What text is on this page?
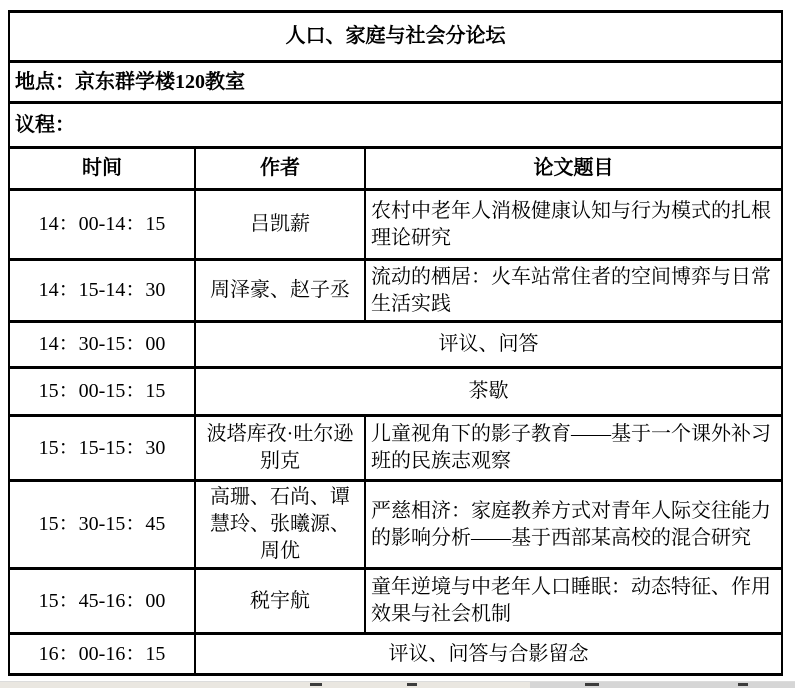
人口、家庭与社会分论坛		
地点：京东群学楼120教室		
议程：		
时间	作者	论文题目
14：00-14：15	吕凯薪	农村中老年人消极健康认知与行为模式的扎根理论研究
14：15-14：30	周泽豪、赵子丞	流动的栖居：火车站常住者的空间博弈与日常生活实践
14：30-15：00	评议、问答	
15：00-15：15	茶歇	
15：15-15：30	波塔库孜·吐尔逊别克	儿童视角下的影子教育——基于一个课外补习班的民族志观察
15：30-15：45	高珊、石尚、谭慧玲、张曦源、周优	严慈相济：家庭教养方式对青年人际交往能力的影响分析——基于西部某高校的混合研究
15：45-16：00	税宇航	童年逆境与中老年人口睡眠：动态特征、作用效果与社会机制
16：00-16：15	评议、问答与合影留念	
